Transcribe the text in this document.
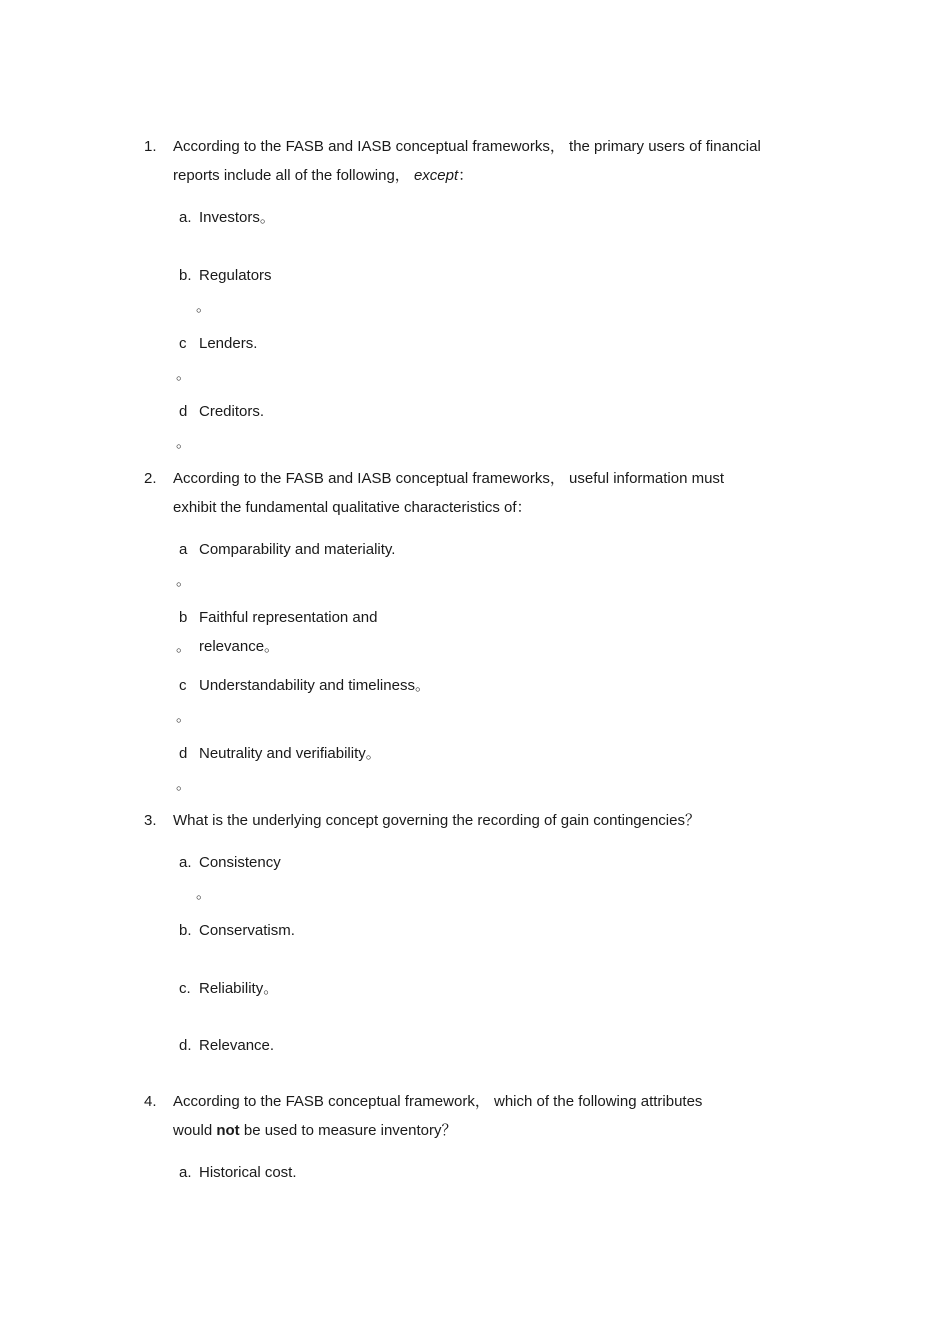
1. According to the FASB and IASB conceptual frameworks， the primary users of financial
reports include all of the following， except：
a. Investors。
b. Regulators
。
c Lenders.
。
d Creditors.
。
2. According to the FASB and IASB conceptual frameworks， useful information must
exhibit the fundamental qualitative characteristics of：
a Comparability and materiality.
。
b Faithful representation and
。 relevance。
c Understandability and timeliness。
。
d Neutrality and verifiability。
。
3. What is the underlying concept governing the recording of gain contingencies？
a. Consistency
。
b. Conservatism.
c. Reliability。
d. Relevance.
4. According to the FASB conceptual framework， which of the following attributes
would not be used to measure inventory？
a. Historical cost.
